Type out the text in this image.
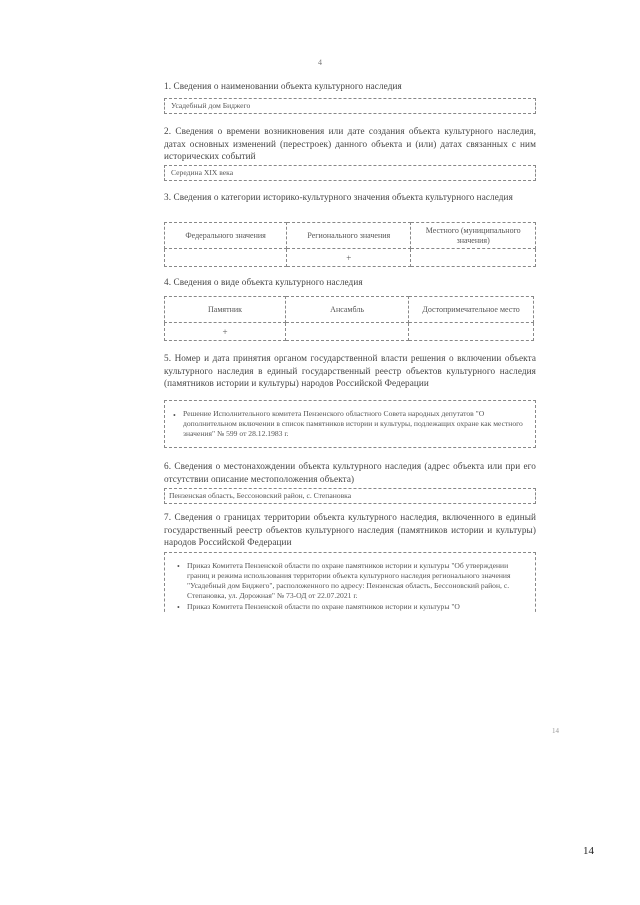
4
1. Сведения о наименовании объекта культурного наследия
Усадебный дом Биджего
2. Сведения о времени возникновения или дате создания объекта культурного наследия, датах основных изменений (перестроек) данного объекта и (или) датах связанных с ним исторических событий
Середина XIX века
3. Сведения о категории историко-культурного значения объекта культурного наследия
Федерального значения	Регионального значения	Местного (муниципального значения)
	+	
4. Сведения о виде объекта культурного наследия
Памятник	Ансамбль	Достопримечательное место
+		
5. Номер и дата принятия органом государственной власти решения о включении объекта культурного наследия в единый государственный реестр объектов культурного наследия (памятников истории и культуры) народов Российской Федерации
• Решение Исполнительного комитета Пензенского областного Совета народных депутатов "О дополнительном включении в список памятников истории и культуры, подлежащих охране как местного значения" № 599 от 28.12.1983 г.
6. Сведения о местонахождении объекта культурного наследия (адрес объекта или при его отсутствии описание местоположения объекта)
Пензенская область, Бессоновский район, с. Степановка
7. Сведения о границах территории объекта культурного наследия, включенного в единый государственный реестр объектов культурного наследия (памятников истории и культуры) народов Российской Федерации
• Приказ Комитета Пензенской области по охране памятников истории и культуры "Об утверждении границ и режима использования территории объекта культурного наследия регионального значения "Усадебный дом Биджего", расположенного по адресу: Пензенская область, Бессоновский район, с. Степановка, ул. Дорожная" № 73-ОД от 22.07.2021 г.
• Приказ Комитета Пензенской области по охране памятников истории и культуры "О
14
14
